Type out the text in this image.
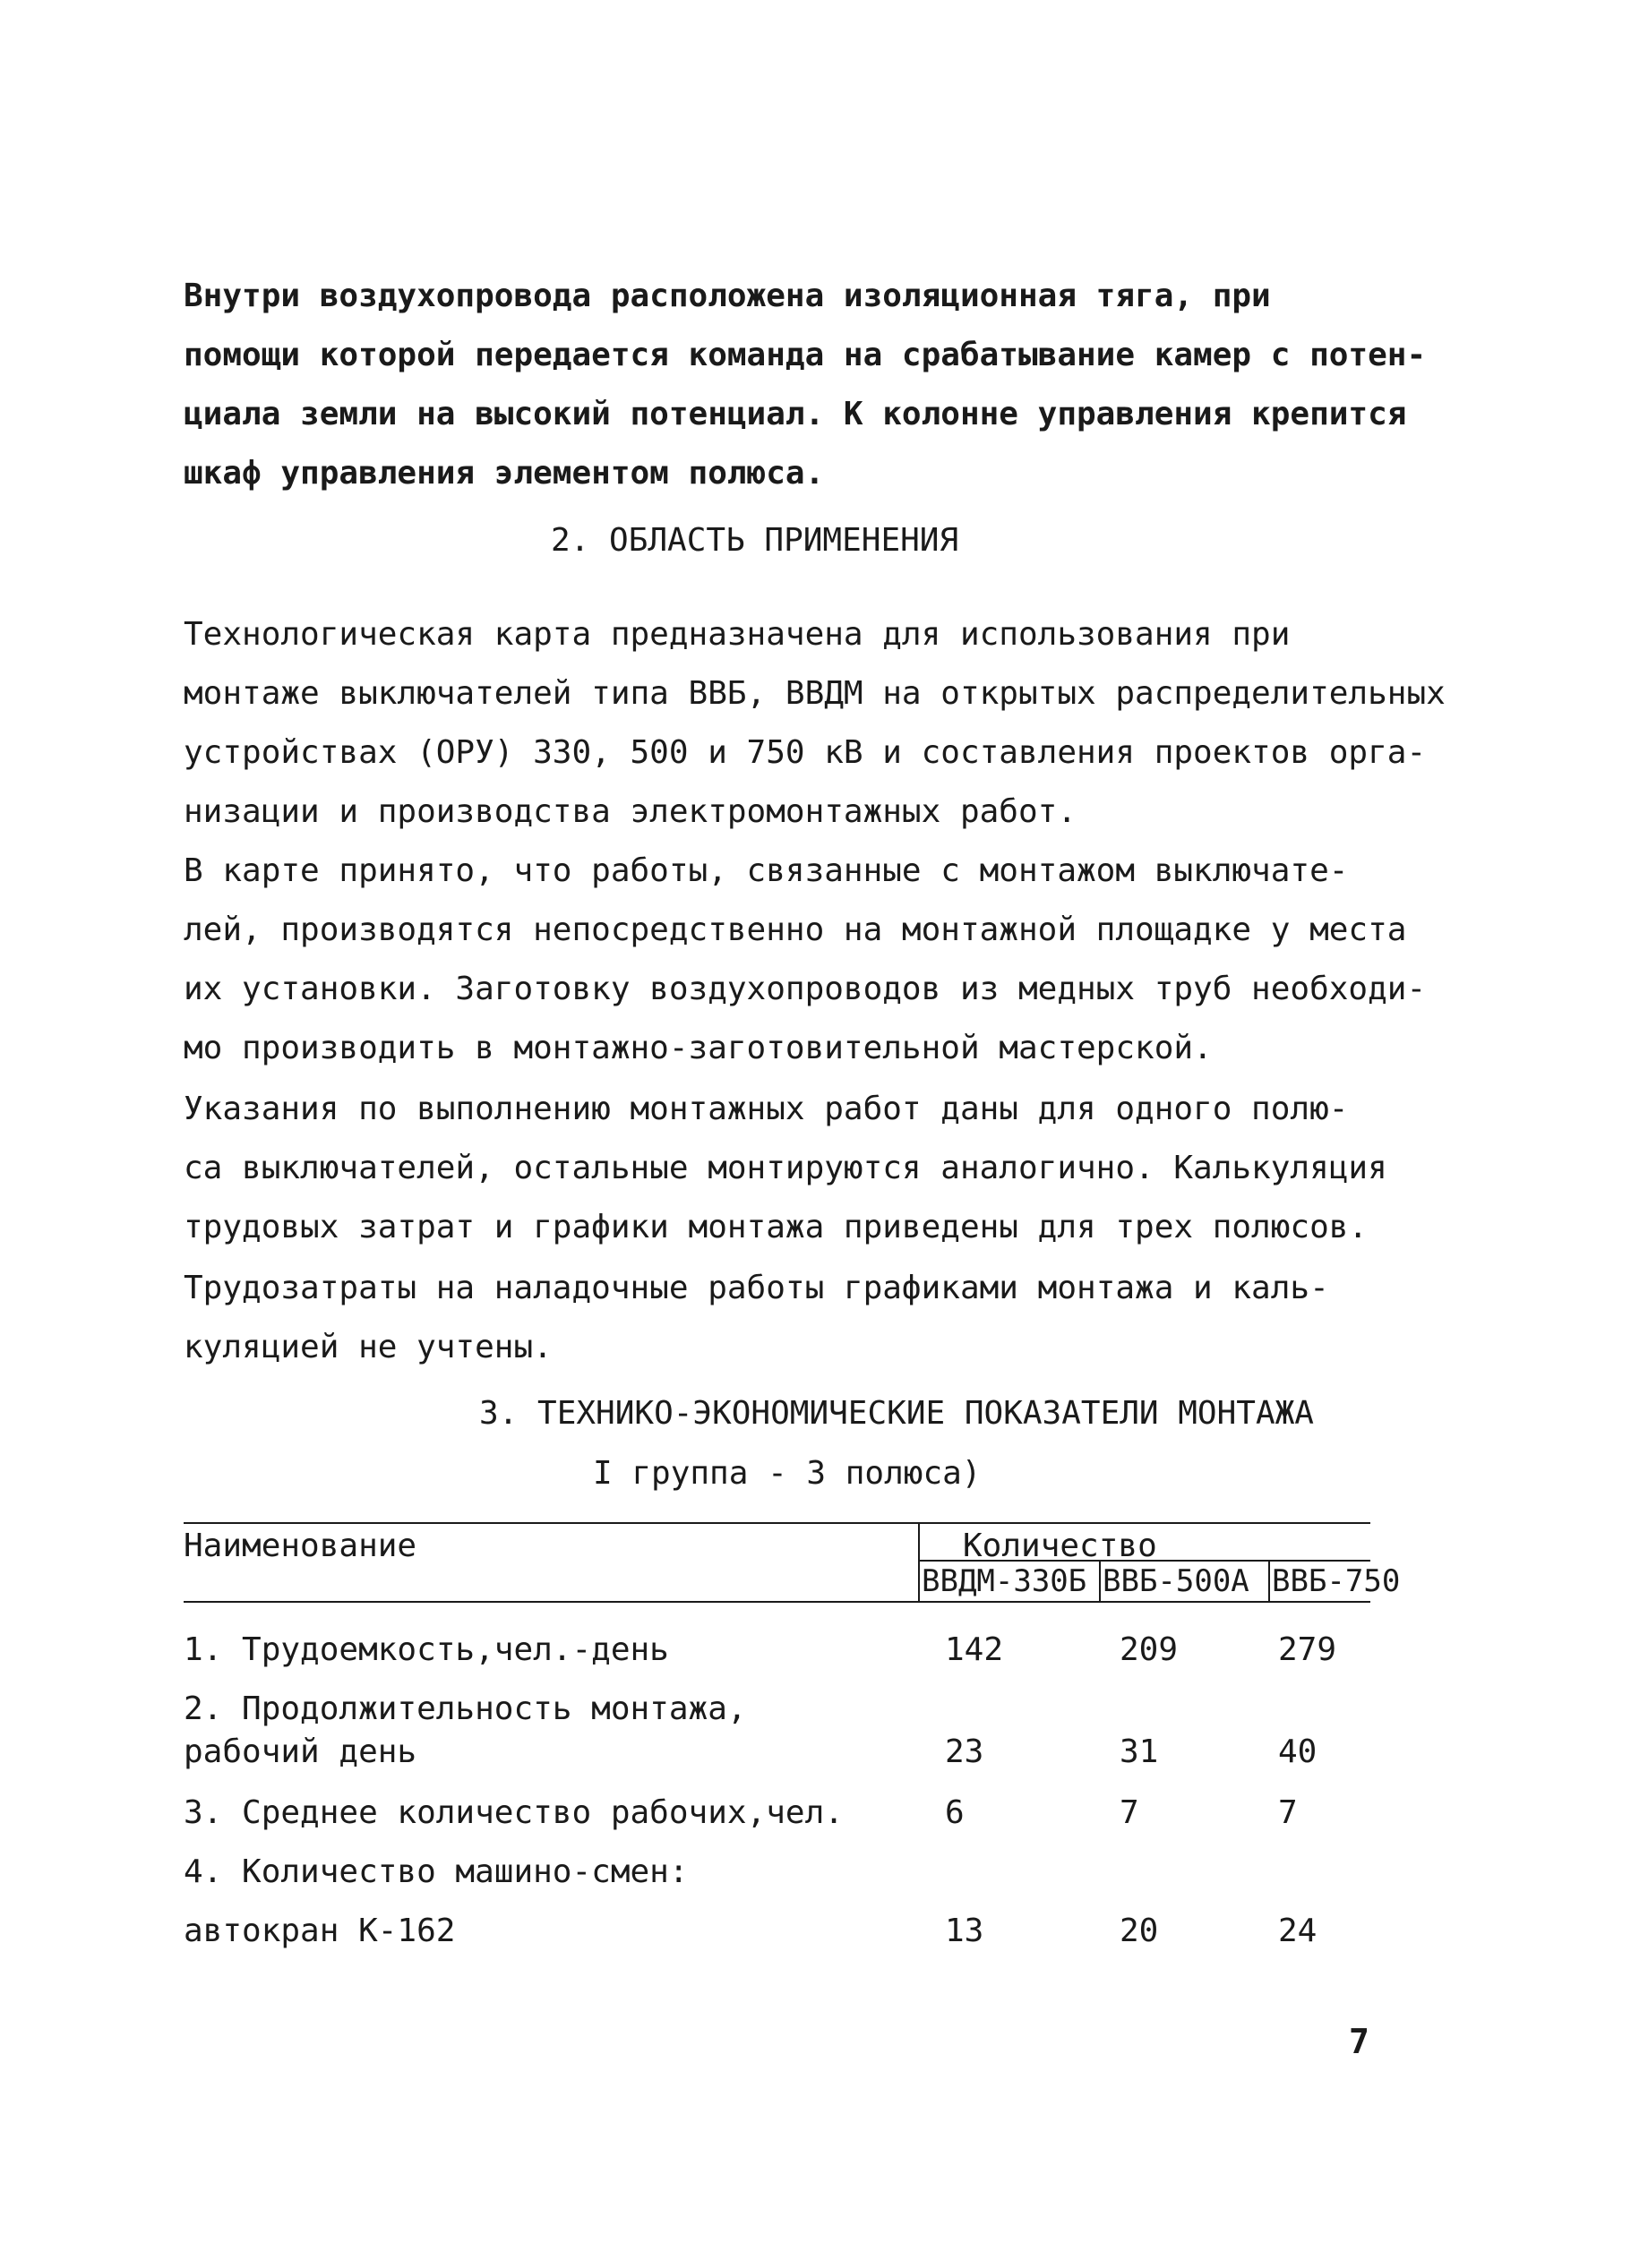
Внутри воздухопровода расположена изоляционная тяга, при
помощи которой передается команда на срабатывание камер с потен-
циала земли на высокий потенциал. К колонне управления крепится
шкаф управления элементом полюса.
2. ОБЛАСТЬ ПРИМЕНЕНИЯ
Технологическая карта предназначена для использования при
монтаже выключателей типа ВВБ, ВВДМ на открытых распределительных
устройствах (ОРУ) 330, 500 и 750 кВ и составления проектов орга-
низации и производства электромонтажных работ.
В карте принято, что работы, связанные с монтажом выключате-
лей, производятся непосредственно на монтажной площадке у места
их установки. Заготовку воздухопроводов из медных труб необходи-
мо производить в монтажно-заготовительной мастерской.
Указания по выполнению монтажных работ даны для одного полю-
са выключателей, остальные монтируются аналогично. Калькуляция
трудовых затрат и графики монтажа приведены для трех полюсов.
Трудозатраты на наладочные работы графиками монтажа и каль-
куляцией не учтены.
3. ТЕХНИКО-ЭКОНОМИЧЕСКИЕ ПОКАЗАТЕЛИ МОНТАЖА
I группа - 3 полюса)
Наименование	Количество
ВВДМ-330Б ВВБ-500А ВВБ-750
1. Трудоемкость,чел.-день	142	209	279
2. Продолжительность монтажа,
рабочий день	23	31	40
3. Среднее количество рабочих,чел.	6	7	7
4. Количество машино-смен:
автокран К-162	13	20	24
7
